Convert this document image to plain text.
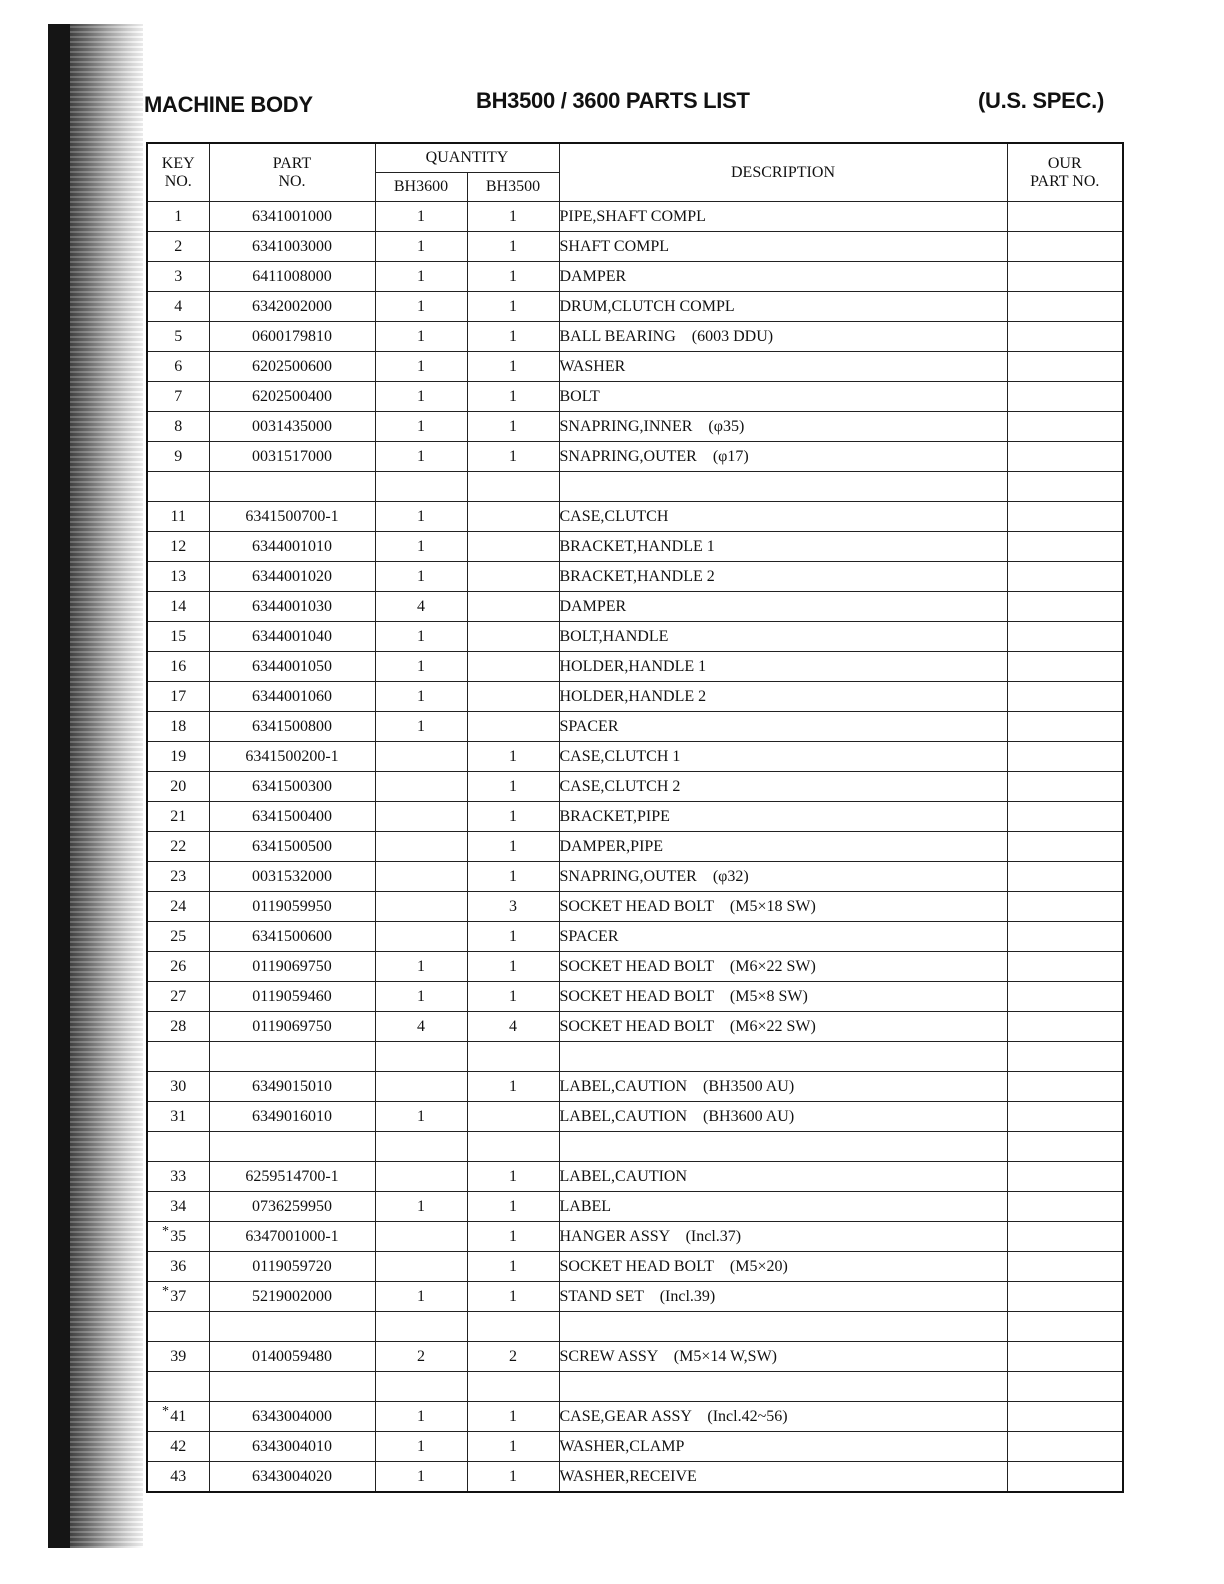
MACHINE BODY	BH3500 / 3600 PARTS LIST	(U.S. SPEC.)
KEY
NO.	PART
NO.	QUANTITY		DESCRIPTION	OUR
PART NO.
		BH3600	BH3500		

1	6341001000	1	1	PIPE,SHAFT COMPL	

2	6341003000	1	1	SHAFT COMPL	

3	6411008000	1	1	DAMPER	

4	6342002000	1	1	DRUM,CLUTCH COMPL	

5	0600179810	1	1	BALL BEARING    (6003 DDU)	

6	6202500600	1	1	WASHER	

7	6202500400	1	1	BOLT	

8	0031435000	1	1	SNAPRING,INNER    (φ35)	

9	0031517000	1	1	SNAPRING,OUTER    (φ17)	

11	6341500700-1	1		CASE,CLUTCH	

12	6344001010	1		BRACKET,HANDLE 1	

13	6344001020	1		BRACKET,HANDLE 2	

14	6344001030	4		DAMPER	

15	6344001040	1		BOLT,HANDLE	

16	6344001050	1		HOLDER,HANDLE 1	

17	6344001060	1		HOLDER,HANDLE 2	

18	6341500800	1		SPACER	

19	6341500200-1		1	CASE,CLUTCH 1	

20	6341500300		1	CASE,CLUTCH 2	

21	6341500400		1	BRACKET,PIPE	

22	6341500500		1	DAMPER,PIPE	

23	0031532000		1	SNAPRING,OUTER    (φ32)	

24	0119059950		3	SOCKET HEAD BOLT    (M5×18 SW)	

25	6341500600		1	SPACER	

26	0119069750	1	1	SOCKET HEAD BOLT    (M6×22 SW)	

27	0119059460	1	1	SOCKET HEAD BOLT    (M5×8 SW)	

28	0119069750	4	4	SOCKET HEAD BOLT    (M6×22 SW)	

30	6349015010		1	LABEL,CAUTION    (BH3500 AU)	

31	6349016010	1		LABEL,CAUTION    (BH3600 AU)	

33	6259514700-1		1	LABEL,CAUTION	

34	0736259950	1	1	LABEL	

* 35	6347001000-1		1	HANGER ASSY    (Incl.37)	

36	0119059720		1	SOCKET HEAD BOLT    (M5×20)	

* 37	5219002000	1	1	STAND SET    (Incl.39)	

39	0140059480	2	2	SCREW ASSY    (M5×14 W,SW)	

* 41	6343004000	1	1	CASE,GEAR ASSY    (Incl.42~56)	

42	6343004010	1	1	WASHER,CLAMP	

43	6343004020	1	1	WASHER,RECEIVE	
